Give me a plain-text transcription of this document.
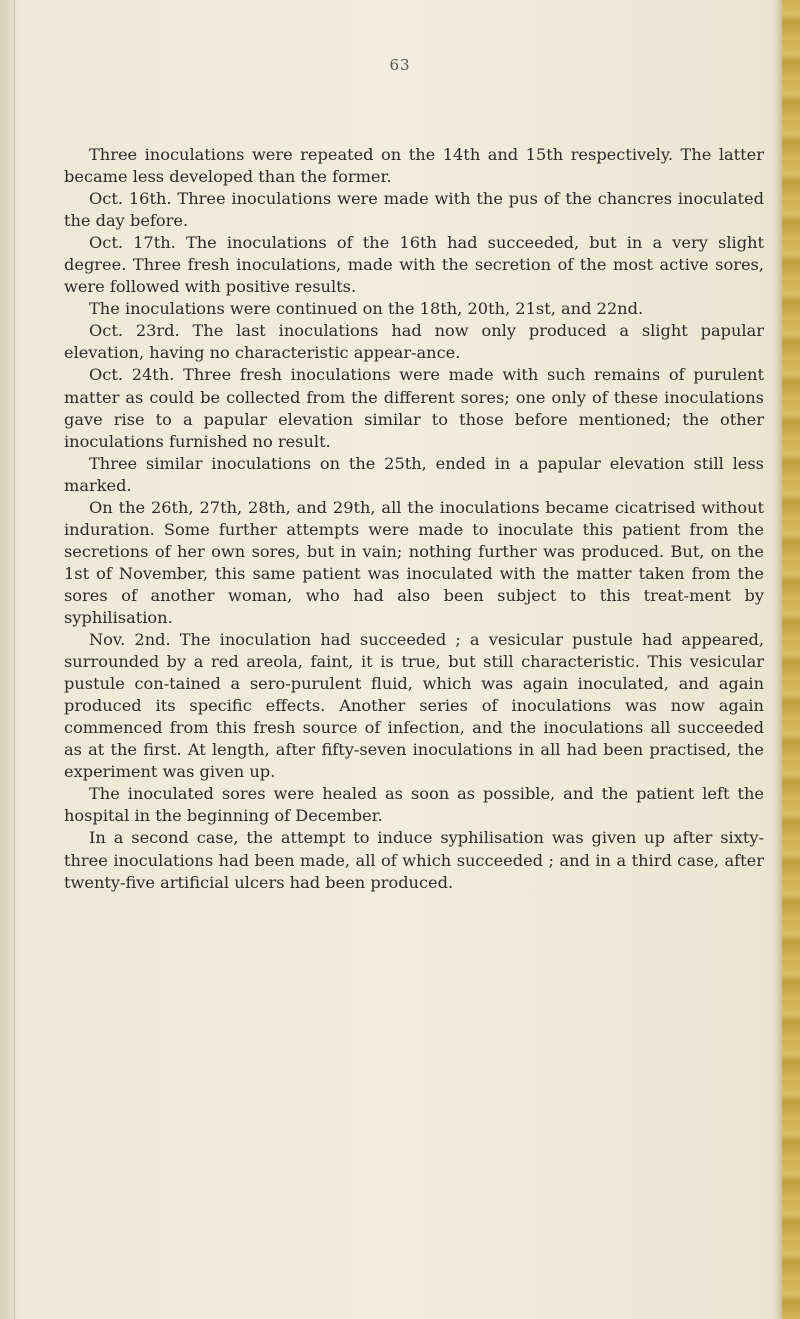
63

Three inoculations were repeated on the 14th and 15th respectively. The latter became less developed than the former.

Oct. 16th. Three inoculations were made with the pus of the chancres inoculated the day before.

Oct. 17th. The inoculations of the 16th had succeeded, but in a very slight degree. Three fresh inoculations, made with the secretion of the most active sores, were followed with positive results.

The inoculations were continued on the 18th, 20th, 21st, and 22nd.

Oct. 23rd. The last inoculations had now only produced a slight papular elevation, having no characteristic appear-ance.

Oct. 24th. Three fresh inoculations were made with such remains of purulent matter as could be collected from the different sores; one only of these inoculations gave rise to a papular elevation similar to those before mentioned; the other inoculations furnished no result.

Three similar inoculations on the 25th, ended in a papular elevation still less marked.

On the 26th, 27th, 28th, and 29th, all the inoculations became cicatrised without induration. Some further attempts were made to inoculate this patient from the secretions of her own sores, but in vain; nothing further was produced. But, on the 1st of November, this same patient was inoculated with the matter taken from the sores of another woman, who had also been subject to this treat-ment by syphilisation.

Nov. 2nd. The inoculation had succeeded ; a vesicular pustule had appeared, surrounded by a red areola, faint, it is true, but still characteristic. This vesicular pustule con-tained a sero-purulent fluid, which was again inoculated, and again produced its specific effects. Another series of inoculations was now again commenced from this fresh source of infection, and the inoculations all succeeded as at the first. At length, after fifty-seven inoculations in all had been practised, the experiment was given up.

The inoculated sores were healed as soon as possible, and the patient left the hospital in the beginning of December.

In a second case, the attempt to induce syphilisation was given up after sixty-three inoculations had been made, all of which succeeded ; and in a third case, after twenty-five artificial ulcers had been produced.
